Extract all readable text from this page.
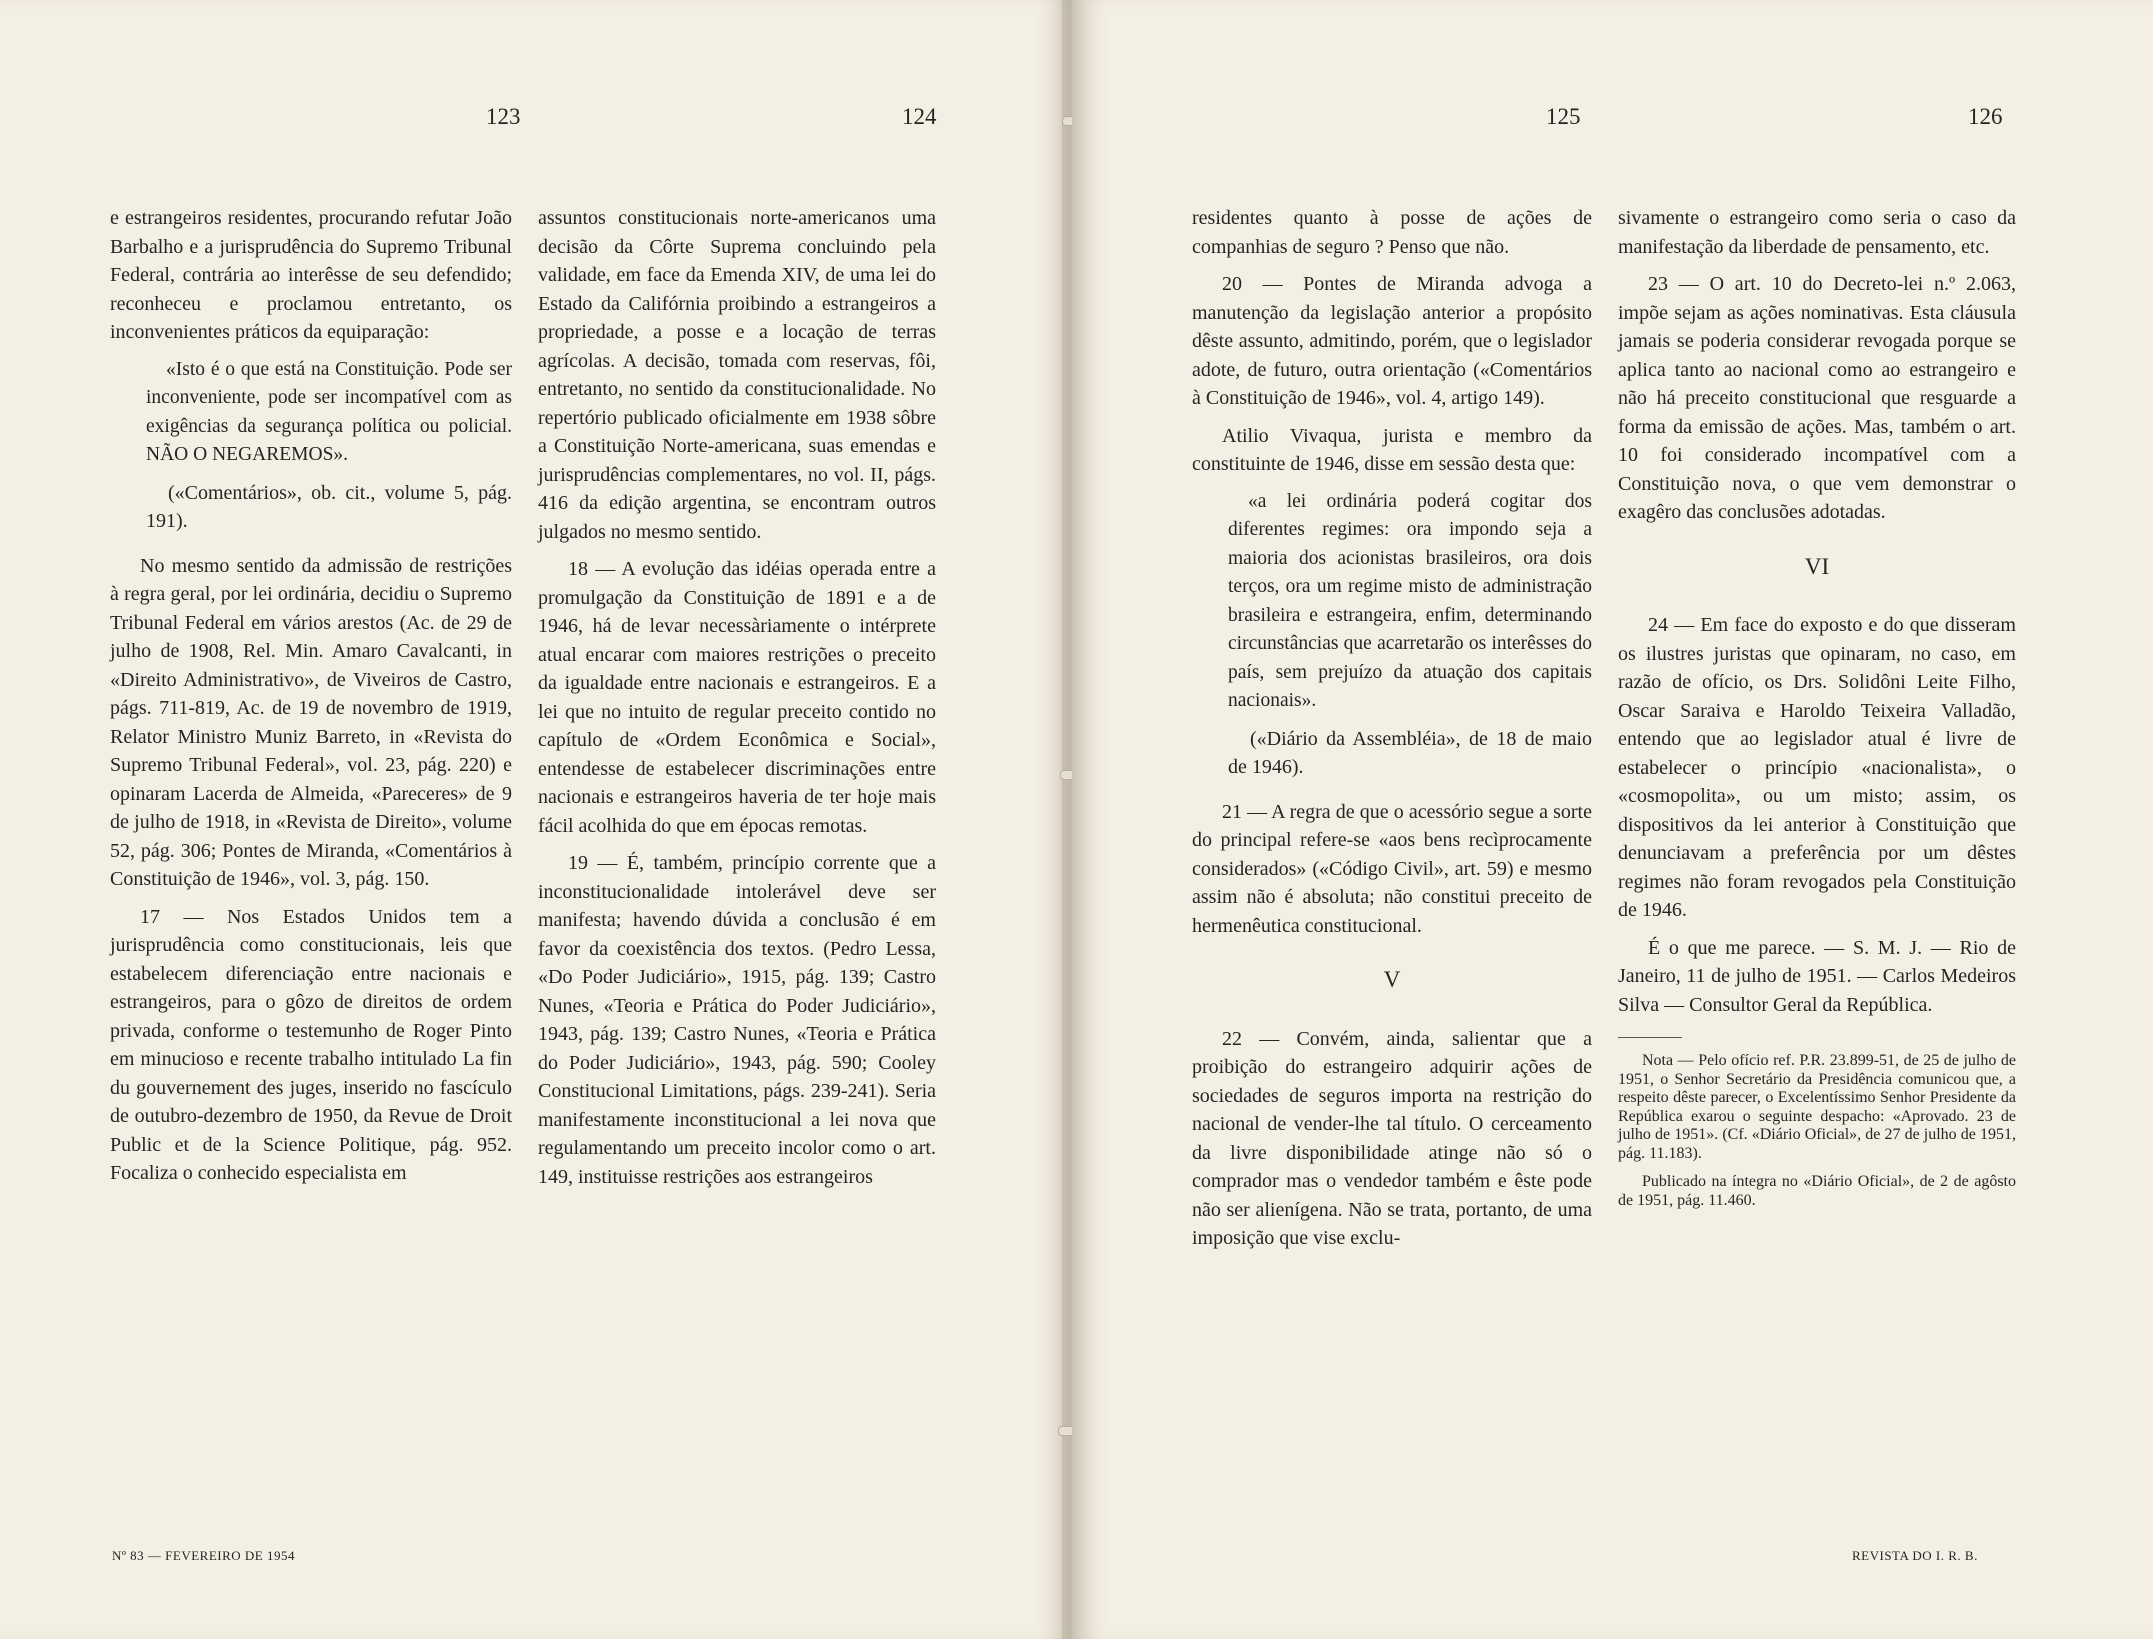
123	124

e estrangeiros residentes, procurando refutar João Barbalho e a jurisprudência do Supremo Tribunal Federal, contrária ao interêsse de seu defendido; reconheceu e proclamou entretanto, os inconvenientes práticos da equiparação:

«Isto é o que está na Constituição. Pode ser inconveniente, pode ser incompatível com as exigências da segurança política ou policial. NÃO O NEGAREMOS».

(«Comentários», ob. cit., volume 5, pág. 191).

No mesmo sentido da admissão de restrições à regra geral, por lei ordinária, decidiu o Supremo Tribunal Federal em vários arestos (Ac. de 29 de julho de 1908, Rel. Min. Amaro Cavalcanti, in «Direito Administrativo», de Viveiros de Castro, págs. 711-819, Ac. de 19 de novembro de 1919, Relator Ministro Muniz Barreto, in «Revista do Supremo Tribunal Federal», vol. 23, pág. 220) e opinaram Lacerda de Almeida, «Pareceres» de 9 de julho de 1918, in «Revista de Direito», volume 52, pág. 306; Pontes de Miranda, «Comentários à Constituição de 1946», vol. 3, pág. 150.

17 — Nos Estados Unidos tem a jurisprudência como constitucionais, leis que estabelecem diferenciação entre nacionais e estrangeiros, para o gôzo de direitos de ordem privada, conforme o testemunho de Roger Pinto em minucioso e recente trabalho intitulado La fin du gouvernement des juges, inserido no fascículo de outubro-dezembro de 1950, da Revue de Droit Public et de la Science Politique, pág. 952. Focaliza o conhecido especialista em

assuntos constitucionais norte-americanos uma decisão da Côrte Suprema concluindo pela validade, em face da Emenda XIV, de uma lei do Estado da Califórnia proibindo a estrangeiros a propriedade, a posse e a locação de terras agrícolas. A decisão, tomada com reservas, fôi, entretanto, no sentido da constitucionalidade. No repertório publicado oficialmente em 1938 sôbre a Constituição Norte-americana, suas emendas e jurisprudências complementares, no vol. II, págs. 416 da edição argentina, se encontram outros julgados no mesmo sentido.

18 — A evolução das idéias operada entre a promulgação da Constituição de 1891 e a de 1946, há de levar necessàriamente o intérprete atual encarar com maiores restrições o preceito da igualdade entre nacionais e estrangeiros. E a lei que no intuito de regular preceito contido no capítulo de «Ordem Econômica e Social», entendesse de estabelecer discriminações entre nacionais e estrangeiros haveria de ter hoje mais fácil acolhida do que em épocas remotas.

19 — É, também, princípio corrente que a inconstitucionalidade intolerável deve ser manifesta; havendo dúvida a conclusão é em favor da coexistência dos textos. (Pedro Lessa, «Do Poder Judiciário», 1915, pág. 139; Castro Nunes, «Teoria e Prática do Poder Judiciário», 1943, pág. 139; Castro Nunes, «Teoria e Prática do Poder Judiciário», 1943, pág. 590; Cooley Constitucional Limitations, págs. 239-241). Seria manifestamente inconstitucional a lei nova que regulamentando um preceito incolor como o art. 149, instituisse restrições aos estrangeiros

Nº 83 — FEVEREIRO DE 1954
125	126

residentes quanto à posse de ações de companhias de seguro ? Penso que não.

20 — Pontes de Miranda advoga a manutenção da legislação anterior a propósito dêste assunto, admitindo, porém, que o legislador adote, de futuro, outra orientação («Comentários à Constituição de 1946», vol. 4, artigo 149).

Atilio Vivaqua, jurista e membro da constituinte de 1946, disse em sessão desta que:

«a lei ordinária poderá cogitar dos diferentes regimes: ora impondo seja a maioria dos acionistas brasileiros, ora dois terços, ora um regime misto de administração brasileira e estrangeira, enfim, determinando circunstâncias que acarretarão os interêsses do país, sem prejuízo da atuação dos capitais nacionais».

(«Diário da Assembléia», de 18 de maio de 1946).

21 — A regra de que o acessório segue a sorte do principal refere-se «aos bens recìprocamente considerados» («Código Civil», art. 59) e mesmo assim não é absoluta; não constitui preceito de hermenêutica constitucional.

V

22 — Convém, ainda, salientar que a proibição do estrangeiro adquirir ações de sociedades de seguros importa na restrição do nacional de vender-lhe tal título. O cerceamento da livre disponibilidade atinge não só o comprador mas o vendedor também e êste pode não ser alienígena. Não se trata, portanto, de uma imposição que vise exclu-

sivamente o estrangeiro como seria o caso da manifestação da liberdade de pensamento, etc.

23 — O art. 10 do Decreto-lei n.º 2.063, impõe sejam as ações nominativas. Esta cláusula jamais se poderia considerar revogada porque se aplica tanto ao nacional como ao estrangeiro e não há preceito constitucional que resguarde a forma da emissão de ações. Mas, também o art. 10 foi considerado incompatível com a Constituição nova, o que vem demonstrar o exagêro das conclusões adotadas.

VI

24 — Em face do exposto e do que disseram os ilustres juristas que opinaram, no caso, em razão de ofício, os Drs. Solidôni Leite Filho, Oscar Saraiva e Haroldo Teixeira Valladão, entendo que ao legislador atual é livre de estabelecer o princípio «nacionalista», o «cosmopolita», ou um misto; assim, os dispositivos da lei anterior à Constituição que denunciavam a preferência por um dêstes regimes não foram revogados pela Constituição de 1946.

É o que me parece. — S. M. J. — Rio de Janeiro, 11 de julho de 1951. — Carlos Medeiros Silva — Consultor Geral da República.

Nota — Pelo ofício ref. P.R. 23.899-51, de 25 de julho de 1951, o Senhor Secretário da Presidência comunicou que, a respeito dêste parecer, o Excelentíssimo Senhor Presidente da República exarou o seguinte despacho: «Aprovado. 23 de julho de 1951». (Cf. «Diário Oficial», de 27 de julho de 1951, pág. 11.183).

Publicado na íntegra no «Diário Oficial», de 2 de agôsto de 1951, pág. 11.460.

REVISTA DO I. R. B.
